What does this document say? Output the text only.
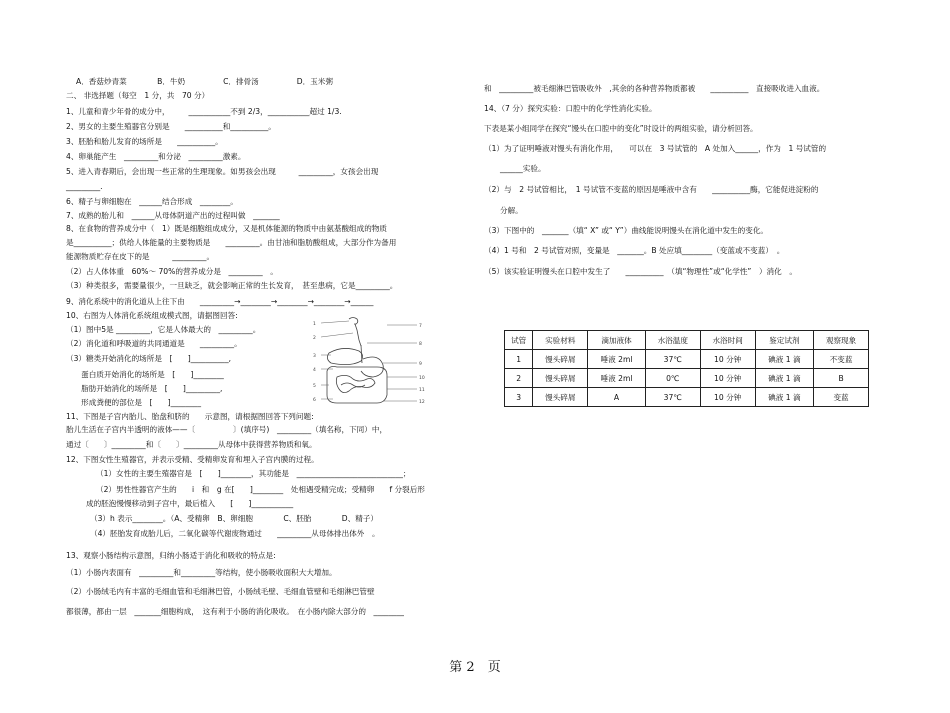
A．香菇炒青菜　　　　B．牛奶　　　　　C．排骨汤　　　　　D．玉米粥
二、 非选择题（每空　1 分，共　70 分）
1、儿童和青少年骨的成分中，　　　___________不到 2/3，___________超过 1/3.
2、男女的主要生殖器官分别是　　__________和__________。
3、胚胎和胎儿发育的场所是　　__________。
4、卵巢能产生　_________和分泌　_________激素。
5、进入青春期后，会出现一些正常的生理现象。如男孩会出现　　　_________，女孩会出现
_________.
6、精子与卵细胞在　______结合形成　________。
7、成熟的胎儿和　______从母体阴道产出的过程叫做　_______
8、在食物的营养成分中（　1）既是细胞组成成分，又是机体能源的物质中由氨基酸组成的物质
是__________；供给人体能量的主要物质是　　_________。由甘油和脂肪酸组成，大部分作为备用
能源物质贮存在皮下的是　　　_________。
（2）占人体体重　60%～ 70%的营养成分是　_________　。
（3）种类很多，需要量很少，一旦缺乏，就会影响正常的生长发育，　甚至患病，它是_________。
9、消化系统中的消化道从上往下由　　_________→________→________→________→______
10、右图为人体消化系统组成模式图，请据图回答:
（1）图中5是 _________，它是人体最大的　_________。
（2）消化道和呼吸道的共同通道是　　_________。
（3）糖类开始消化的场所是　[　　]__________,
　　蛋白质开始消化的场所是　[　　]________
　　脂肪开始消化的场所是　[　　]_________,
　　形成粪便的部位是　[　　]________
11、下图是子宫内胎儿、胎盘和脐的　　示意图，请根据图回答下列问题:
胎儿生活在子宫内半透明的液体——〔　　　　　〕(填序号)　_________（填名称，下同）中，
通过〔　　〕_________和〔　　〕_________从母体中获得营养物质和氧。
12、下图女性生殖器官，并表示受精、受精卵发育和埋入子宫内膜的过程。
（1）女性的主要生殖器官是　[　　]________，其功能是　____________________________；
（2）男性性器官产生的　　i　和　g 在[　　]________　处相遇受精完成；受精卵　　f 分裂后形
成的胚泡慢慢移动到子宫中，最后植入　　[　　]___________
（3）h 表示________。（A、受精卵　B、卵细胞　　　　C、胚胎　　　　D、精子）
（4）胚胎发育成胎儿后，二氧化碳等代谢废物通过　　_________从母体排出体外　。
13、观察小肠结构示意图，归纳小肠适于消化和吸收的特点是:
（1）小肠内表面有　_________和_________等结构，使小肠吸收面积大大增加。
（2）小肠绒毛内有丰富的毛细血管和毛细淋巴管，小肠绒毛壁、毛细血管壁和毛细淋巴管壁
都很薄，都由一层　_______细胞构成，　这有利于小肠的消化吸收。　在小肠内除大部分的　________
1
2
3
4
5
6
7
8
9
10
11
12
和　_________被毛细淋巴管吸收外　,其余的各种营养物质都被　　__________　直接吸收进入血液。
14、（7 分）探究实验：口腔中的化学性消化实验。
下表是某小组同学在探究“馒头在口腔中的变化”时设计的两组实验，请分析回答。
（1）为了证明唾液对馒头有消化作用，　　可以在　3 号试管的　A 处加入______，作为　1 号试管的
______实验。
（2）与　2 号试管相比，　1 号试管不变蓝的原因是唾液中含有　　__________酶，它能促进淀粉的
分解。
（3）下图中的　_______（填“ X” 或“ Y”）曲线能说明馒头在消化道中发生的变化。
（4）1 号和　2 号试管对照，变量是　_______。B 处应填________（变蓝或不变蓝）　。
（5）该实验证明馒头在口腔中发生了　　__________　（填“物理性”或“化学性”　）消化　。
试管	实验材料	滴加液体	水浴温度	水浴时间	鉴定试剂	观察现象
1	馒头碎屑	唾液 2ml	37℃	10 分钟	碘液 1 滴	不变蓝
2	馒头碎屑	唾液 2ml	0℃	10 分钟	碘液 1 滴	B
3	馒头碎屑	A	37℃	10 分钟	碘液 1 滴	变蓝
第 2　页
